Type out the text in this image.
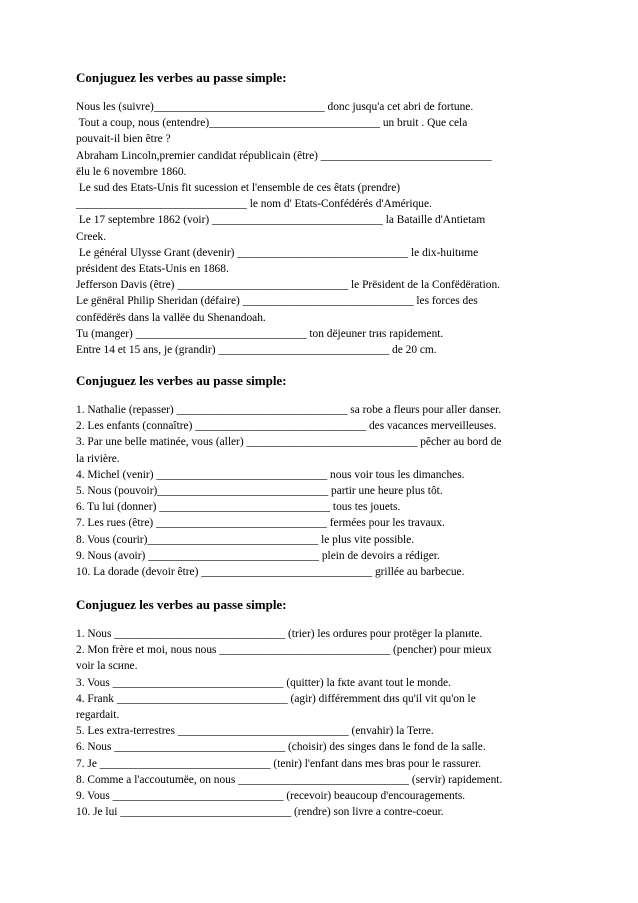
Conjuguez les verbes au passe simple:
Nous les (suivre)______________________________ donc jusqu'a cet abri de fortune.
Tout a coup, nous (entendre)______________________________ un bruit . Que cela
pouvait-il bien être ?
Abraham Lincoln,premier candidat républicain (être) ______________________________
ёlu le 6 novembre 1860.
Le sud des Etats-Unis fit sucession et l'ensemble de ces êtats (prendre)
______________________________ le nom d' Etats-Confédérés d'Amérique.
Le 17 septembre 1862 (voir) ______________________________ la Bataille d'Antietam
Creek.
Le général Ulysse Grant (devenir) ______________________________ le dix-huitиme
président des Etats-Unis en 1868.
Jefferson Davis (être) ______________________________ le Prёsident de la Confёdёration.
Le gёnёral Philip Sheridan (défaire) ______________________________ les forces des
confёdёrёs dans la vallёe du Shenandoah.
Tu (manger) ______________________________ ton dёjeuner trиs rapidement.
Entre 14 et 15 ans, je (grandir) ______________________________ de 20 cm.
Conjuguez les verbes au passe simple:
1. Nathalie (repasser) ______________________________ sa robe a fleurs pour aller danser.
2. Les enfants (connaître) ______________________________ des vacances merveilleuses.
3. Par une belle matinée, vous (aller) ______________________________ pêcher au bord de
la rivière.
4. Michel (venir) ______________________________ nous voir tous les dimanches.
5. Nous (pouvoir)______________________________ partir une heure plus tôt.
6. Tu lui (donner) ______________________________ tous tes jouets.
7. Les rues (être) ______________________________ fermées pour les travaux.
8. Vous (courir)______________________________ le plus vite possible.
9. Nous (avoir) ______________________________ plein de devoirs a rédiger.
10. La dorade (devoir être) ______________________________ grillée au barbecue.
Conjuguez les verbes au passe simple:
1. Nous ______________________________ (trier) les ordures pour protёger la planиte.
2. Mon frère et moi, nous nous ______________________________ (pencher) pour mieux
voir la scиne.
3. Vous ______________________________ (quitter) la fкte avant tout le monde.
4. Frank ______________________________ (agir) différemment dиs qu'il vit qu'on le
regardait.
5. Les extra-terrestres ______________________________ (envahir) la Terre.
6. Nous ______________________________ (choisir) des singes dans le fond de la salle.
7. Je ______________________________ (tenir) l'enfant dans mes bras pour le rassurer.
8. Comme a l'accoutumёe, on nous ______________________________ (servir) rapidement.
9. Vous ______________________________ (recevoir) beaucoup d'encouragements.
10. Je lui ______________________________ (rendre) son livre a contre-coeur.
